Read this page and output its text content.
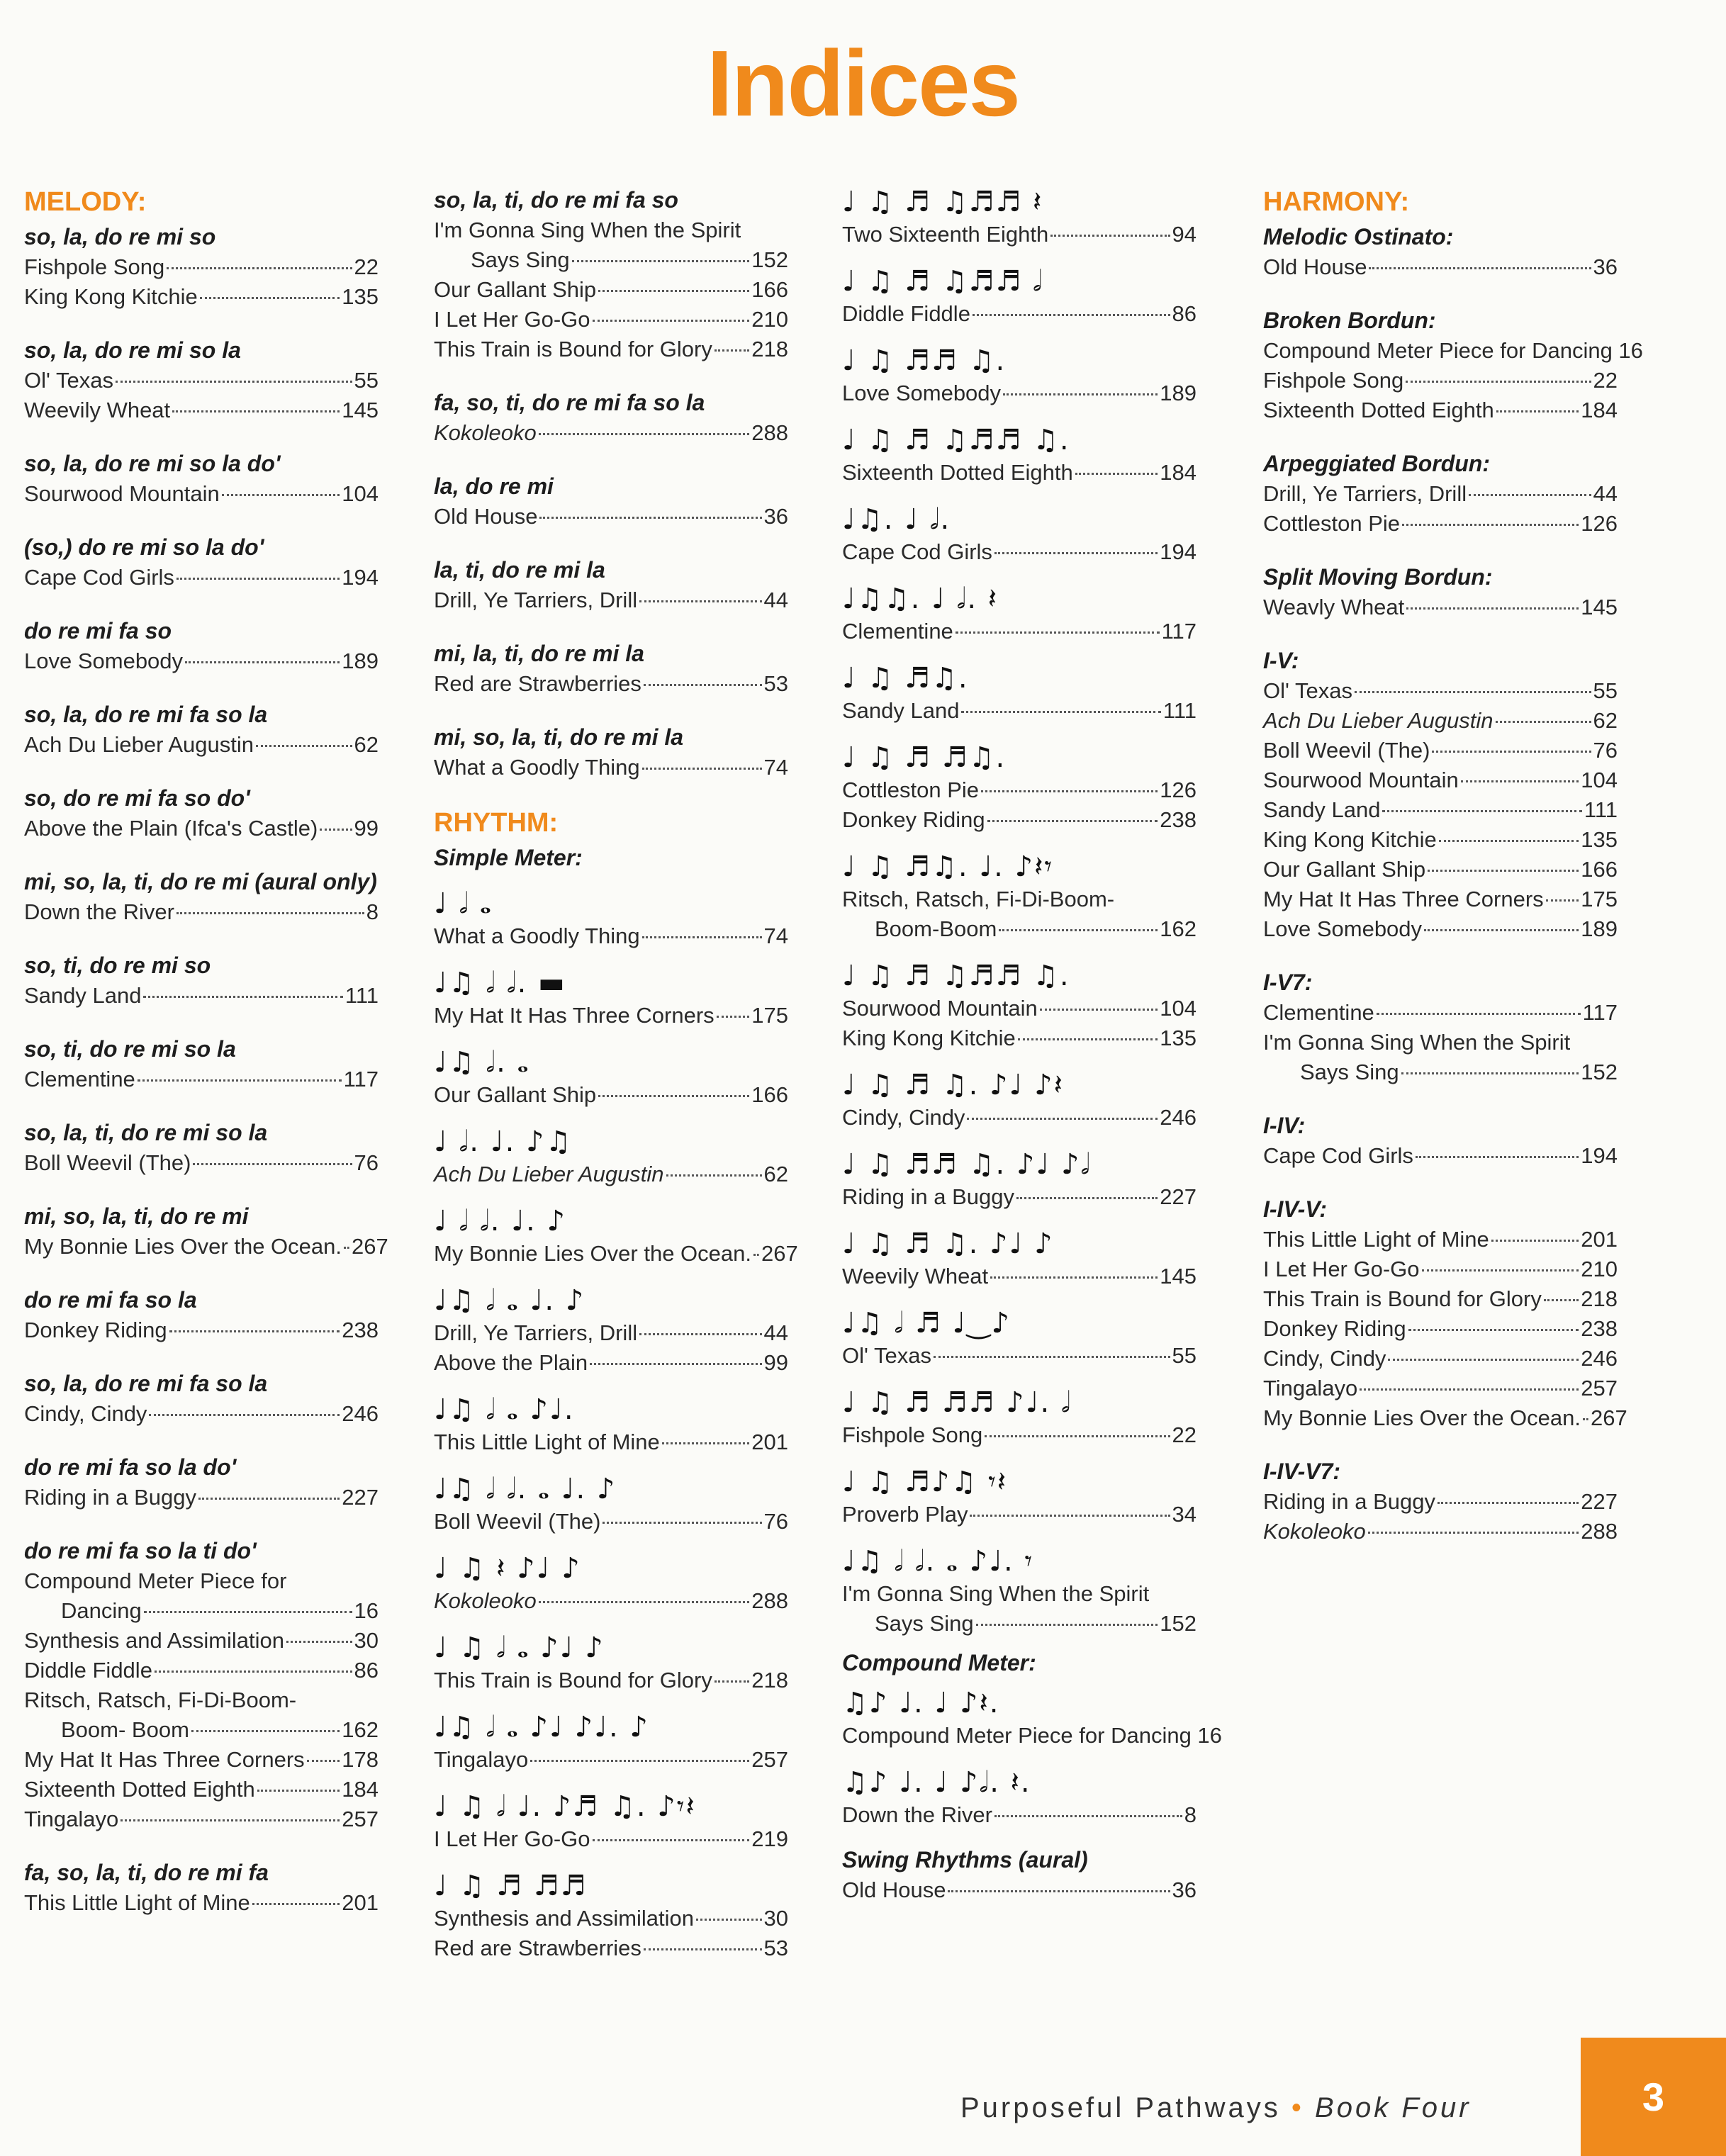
Indices
MELODY:
so, la, do re mi so
Fishpole Song	22
King Kong Kitchie	135
so, la, do re mi so la
Ol' Texas	55
Weevily Wheat	145
so, la, do re mi so la do'
Sourwood Mountain	104
(so,) do re mi so la do'
Cape Cod Girls	194
do re mi fa so
Love Somebody	189
so, la, do re mi fa so la
Ach Du Lieber Augustin	62
so, do re mi fa so do'
Above the Plain (Ifca's Castle) 99
mi, so, la, ti, do re mi (aural only)
Down the River	8
so, ti, do re mi so
Sandy Land	111
so, ti, do re mi so la
Clementine	117
so, la, ti, do re mi so la
Boll Weevil (The)	76
mi, so, la, ti, do re mi
My Bonnie Lies Over the Ocean. 267
do re mi fa so la
Donkey Riding	238
so, la, do re mi fa so la
Cindy, Cindy	246
do re mi fa so la do'
Riding in a Buggy	227
do re mi fa so la ti do'
Compound Meter Piece for
Dancing	16
Synthesis and Assimilation	30
Diddle Fiddle	86
Ritsch, Ratsch, Fi-Di-Boom-
Boom- Boom	162
My Hat It Has Three Corners 178
Sixteenth Dotted Eighth	184
Tingalayo	257
fa, so, la, ti, do re mi fa
This Little Light of Mine	201
so, la, ti, do re mi fa so
I'm Gonna Sing When the Spirit
Says Sing	152
Our Gallant Ship	166
I Let Her Go-Go	210
This Train is Bound for Glory 218
fa, so, ti, do re mi fa so la
Kokoleoko	288
la, do re mi
Old House	36
la, ti, do re mi la
Drill, Ye Tarriers, Drill	44
mi, la, ti, do re mi la
Red are Strawberries	53
mi, so, la, ti, do re mi la
What a Goodly Thing	74
RHYTHM:
Simple Meter:
♩ 𝅗𝅥 𝅝
What a Goodly Thing	74
♩♫ 𝅗𝅥 𝅗𝅥. ▬
My Hat It Has Three Corners 175
♩♫ 𝅗𝅥. 𝅝
Our Gallant Ship	166
♩ 𝅗𝅥. ♩. ♪♫
Ach Du Lieber Augustin	62
♩ 𝅗𝅥 𝅗𝅥. ♩. ♪
My Bonnie Lies Over the Ocean. 267
♩♫ 𝅗𝅥 𝅝 ♩. ♪
Drill, Ye Tarriers, Drill	44
Above the Plain	99
♩♫ 𝅗𝅥 𝅝 ♪♩.
This Little Light of Mine	201
♩♫ 𝅗𝅥 𝅗𝅥. 𝅝 ♩. ♪
Boll Weevil (The)	76
♩ ♫ 𝄽 ♪♩ ♪
Kokoleoko	288
♩ ♫ 𝅗𝅥 𝅝 ♪♩ ♪
This Train is Bound for Glory 218
♩♫ 𝅗𝅥 𝅝 ♪♩ ♪♩. ♪
Tingalayo	257
♩ ♫ 𝅗𝅥 ♩. ♪♬ ♫. ♪𝄾𝄽
I Let Her Go-Go	219
♩ ♫ ♬ ♬♬
Synthesis and Assimilation	30
Red are Strawberries	53
♩ ♫ ♬ ♫♬♬ 𝄽
Two Sixteenth Eighth	94
♩ ♫ ♬ ♫♬♬ 𝅗𝅥
Diddle Fiddle	86
♩ ♫ ♬♬ ♫.
Love Somebody	189
♩ ♫ ♬ ♫♬♬ ♫.
Sixteenth Dotted Eighth	184
♩♫. ♩ 𝅗𝅥.
Cape Cod Girls	194
♩♫♫. ♩ 𝅗𝅥. 𝄽
Clementine	117
♩ ♫ ♬♫.
Sandy Land	111
♩ ♫ ♬ ♬♫.
Cottleston Pie	126
Donkey Riding	238
♩ ♫ ♬♫. ♩. ♪𝄽𝄾
Ritsch, Ratsch, Fi-Di-Boom-
Boom-Boom	162
♩ ♫ ♬ ♫♬♬ ♫.
Sourwood Mountain	104
King Kong Kitchie	135
♩ ♫ ♬ ♫. ♪♩ ♪𝄽
Cindy, Cindy	246
♩ ♫ ♬♬ ♫. ♪♩ ♪𝅗𝅥
Riding in a Buggy	227
♩ ♫ ♬ ♫. ♪♩ ♪
Weevily Wheat	145
♩♫ 𝅗𝅥 ♬ ♩‿♪
Ol' Texas	55
♩ ♫ ♬ ♬♬ ♪♩. 𝅗𝅥
Fishpole Song	22
♩ ♫ ♬♪♫ 𝄾𝄽
Proverb Play	34
♩♫ 𝅗𝅥 𝅗𝅥. 𝅝 ♪♩. 𝄾
I'm Gonna Sing When the Spirit
Says Sing	152
Compound Meter:
♫♪ ♩. ♩ ♪𝄽.
Compound Meter Piece for Dancing 16
♫♪ ♩. ♩ ♪𝅗𝅥. 𝄽.
Down the River	8
Swing Rhythms (aural)
Old House	36
HARMONY:
Melodic Ostinato:
Old House	36
Broken Bordun:
Compound Meter Piece for Dancing 16
Fishpole Song	22
Sixteenth Dotted Eighth	184
Arpeggiated Bordun:
Drill, Ye Tarriers, Drill	44
Cottleston Pie	126
Split Moving Bordun:
Weavly Wheat	145
I-V:
Ol' Texas	55
Ach Du Lieber Augustin	62
Boll Weevil (The)	76
Sourwood Mountain	104
Sandy Land	111
King Kong Kitchie	135
Our Gallant Ship	166
My Hat It Has Three Corners 175
Love Somebody	189
I-V7:
Clementine	117
I'm Gonna Sing When the Spirit
Says Sing	152
I-IV:
Cape Cod Girls	194
I-IV-V:
This Little Light of Mine	201
I Let Her Go-Go	210
This Train is Bound for Glory 218
Donkey Riding	238
Cindy, Cindy	246
Tingalayo	257
My Bonnie Lies Over the Ocean. 267
I-IV-V7:
Riding in a Buggy	227
Kokoleoko	288
Purposeful Pathways • Book Four	3
